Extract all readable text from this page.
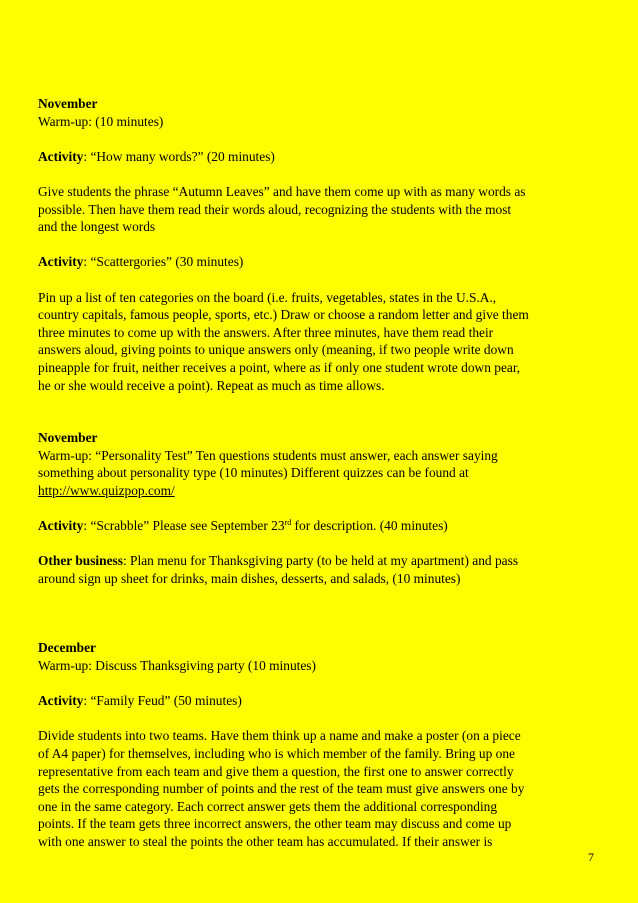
November
Warm-up: (10 minutes)
Activity: “How many words?” (20 minutes)
Give students the phrase “Autumn Leaves” and have them come up with as many words as
possible. Then have them read their words aloud, recognizing the students with the most
and the longest words
Activity: “Scattergories” (30 minutes)
Pin up a list of ten categories on the board (i.e. fruits, vegetables, states in the U.S.A.,
country capitals, famous people, sports, etc.) Draw or choose a random letter and give them
three minutes to come up with the answers. After three minutes, have them read their
answers aloud, giving points to unique answers only (meaning, if two people write down
pineapple for fruit, neither receives a point, where as if only one student wrote down pear,
he or she would receive a point). Repeat as much as time allows.
November
Warm-up: “Personality Test” Ten questions students must answer, each answer saying
something about personality type (10 minutes) Different quizzes can be found at
http://www.quizpop.com/
Activity: “Scrabble” Please see September 23rd for description. (40 minutes)
Other business: Plan menu for Thanksgiving party (to be held at my apartment) and pass
around sign up sheet for drinks, main dishes, desserts, and salads, (10 minutes)
December
Warm-up: Discuss Thanksgiving party (10 minutes)
Activity: “Family Feud” (50 minutes)
Divide students into two teams. Have them think up a name and make a poster (on a piece
of A4 paper) for themselves, including who is which member of the family. Bring up one
representative from each team and give them a question, the first one to answer correctly
gets the corresponding number of points and the rest of the team must give answers one by
one in the same category. Each correct answer gets them the additional corresponding
points. If the team gets three incorrect answers, the other team may discuss and come up
with one answer to steal the points the other team has accumulated. If their answer is
7
